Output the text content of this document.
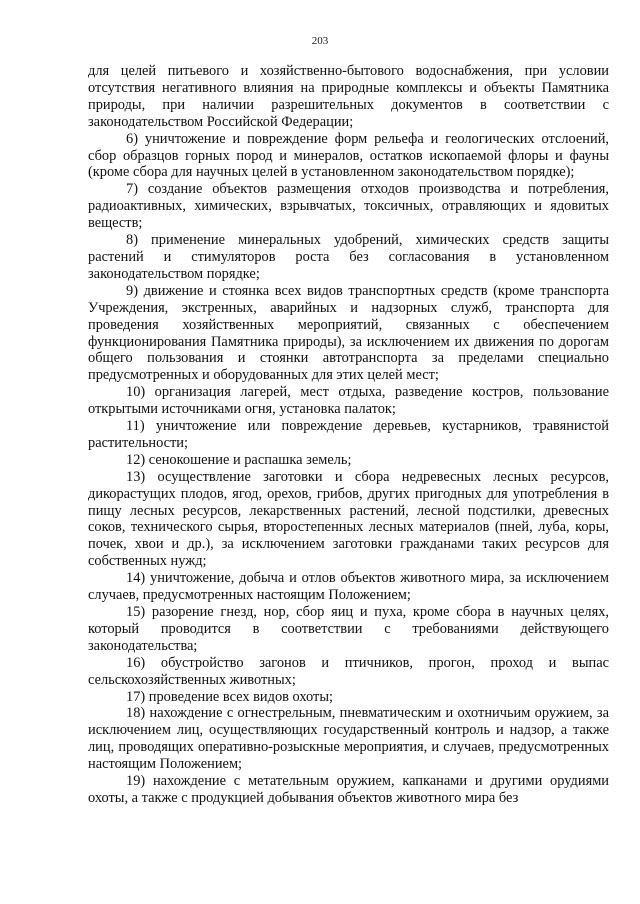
203

для целей питьевого и хозяйственно-бытового водоснабжения, при условии отсутствия негативного влияния на природные комплексы и объекты Памятника природы, при наличии разрешительных документов в соответствии с законодательством Российской Федерации;

6) уничтожение и повреждение форм рельефа и геологических отслоений, сбор образцов горных пород и минералов, остатков ископаемой флоры и фауны (кроме сбора для научных целей в установленном законодательством порядке);

7) создание объектов размещения отходов производства и потребления, радиоактивных, химических, взрывчатых, токсичных, отравляющих и ядовитых веществ;

8) применение минеральных удобрений, химических средств защиты растений и стимуляторов роста без согласования в установленном законодательством порядке;

9) движение и стоянка всех видов транспортных средств (кроме транспорта Учреждения, экстренных, аварийных и надзорных служб, транспорта для проведения хозяйственных мероприятий, связанных с обеспечением функционирования Памятника природы), за исключением их движения по дорогам общего пользования и стоянки автотранспорта за пределами специально предусмотренных и оборудованных для этих целей мест;

10) организация лагерей, мест отдыха, разведение костров, пользование открытыми источниками огня, установка палаток;

11) уничтожение или повреждение деревьев, кустарников, травянистой растительности;

12) сенокошение и распашка земель;

13) осуществление заготовки и сбора недревесных лесных ресурсов, дикорастущих плодов, ягод, орехов, грибов, других пригодных для употребления в пищу лесных ресурсов, лекарственных растений, лесной подстилки, древесных соков, технического сырья, второстепенных лесных материалов (пней, луба, коры, почек, хвои и др.), за исключением заготовки гражданами таких ресурсов для собственных нужд;

14) уничтожение, добыча и отлов объектов животного мира, за исключением случаев, предусмотренных настоящим Положением;

15) разорение гнезд, нор, сбор яиц и пуха, кроме сбора в научных целях, который проводится в соответствии с требованиями действующего законодательства;

16) обустройство загонов и птичников, прогон, проход и выпас сельскохозяйственных животных;

17) проведение всех видов охоты;

18) нахождение с огнестрельным, пневматическим и охотничьим оружием, за исключением лиц, осуществляющих государственный контроль и надзор, а также лиц, проводящих оперативно-розыскные мероприятия, и случаев, предусмотренных настоящим Положением;

19) нахождение с метательным оружием, капканами и другими орудиями охоты, а также с продукцией добывания объектов животного мира без
